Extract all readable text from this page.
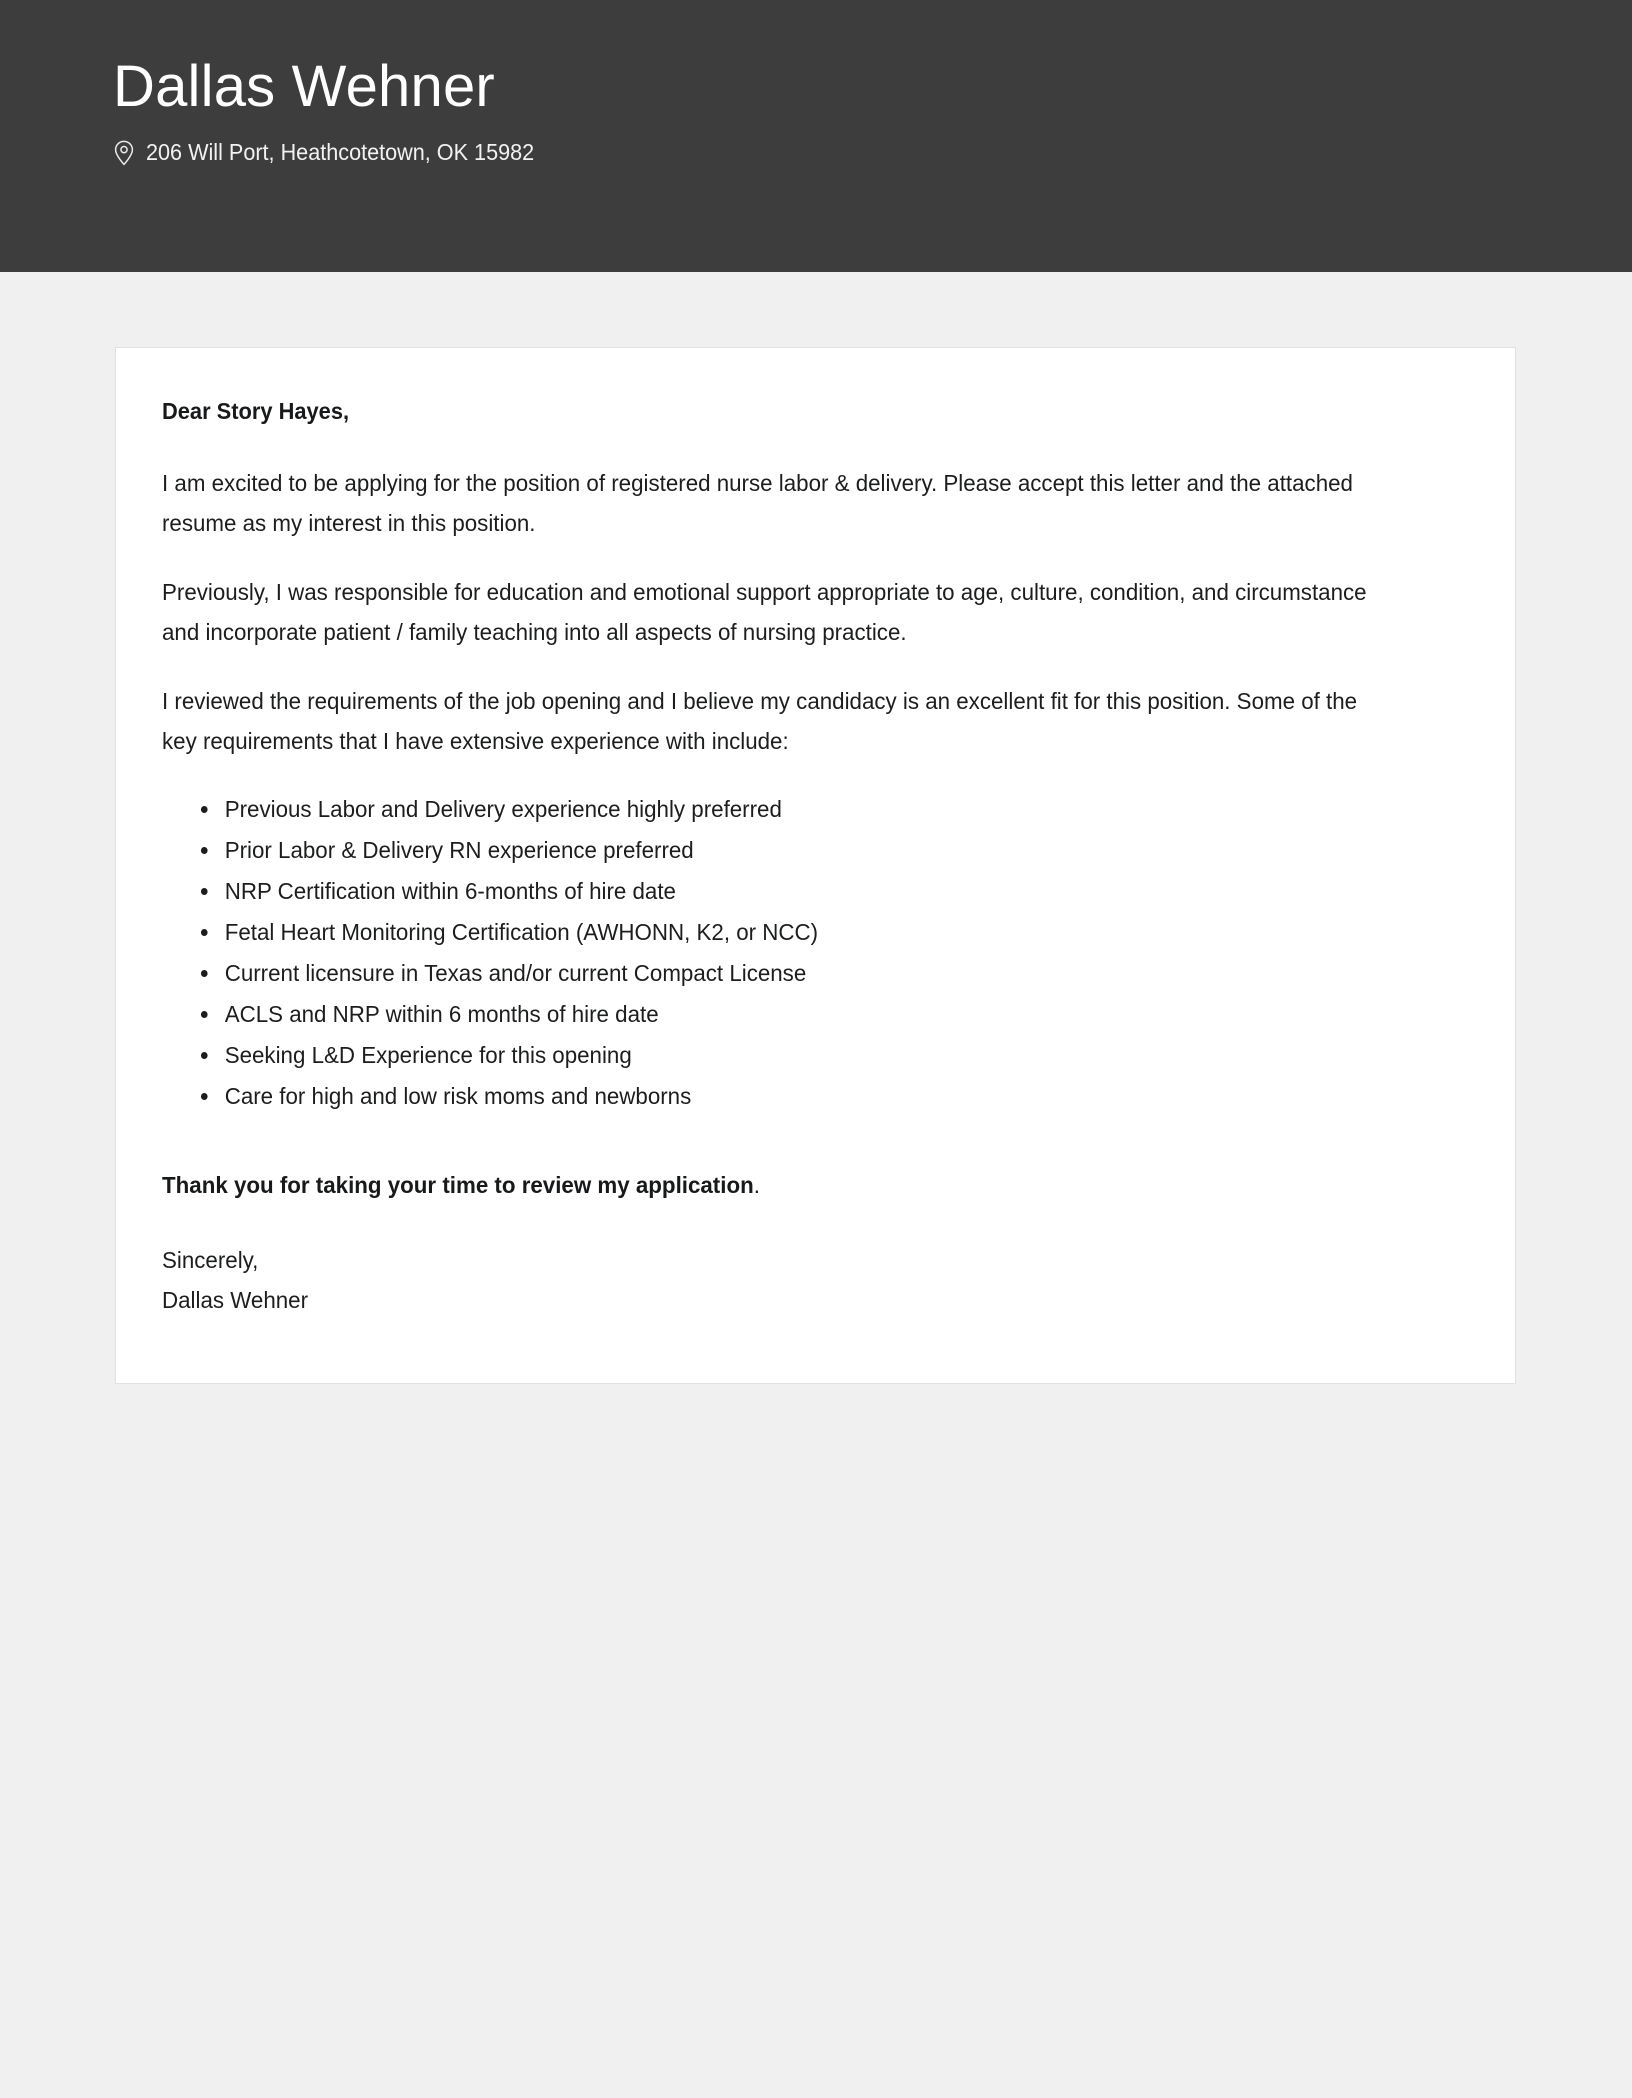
Dallas Wehner
206 Will Port, Heathcotetown, OK 15982

Dear Story Hayes,

I am excited to be applying for the position of registered nurse labor & delivery. Please accept this letter and the attached resume as my interest in this position.

Previously, I was responsible for education and emotional support appropriate to age, culture, condition, and circumstance and incorporate patient / family teaching into all aspects of nursing practice.

I reviewed the requirements of the job opening and I believe my candidacy is an excellent fit for this position. Some of the key requirements that I have extensive experience with include:

• Previous Labor and Delivery experience highly preferred
• Prior Labor & Delivery RN experience preferred
• NRP Certification within 6-months of hire date
• Fetal Heart Monitoring Certification (AWHONN, K2, or NCC)
• Current licensure in Texas and/or current Compact License
• ACLS and NRP within 6 months of hire date
• Seeking L&D Experience for this opening
• Care for high and low risk moms and newborns

Thank you for taking your time to review my application.

Sincerely,
Dallas Wehner
